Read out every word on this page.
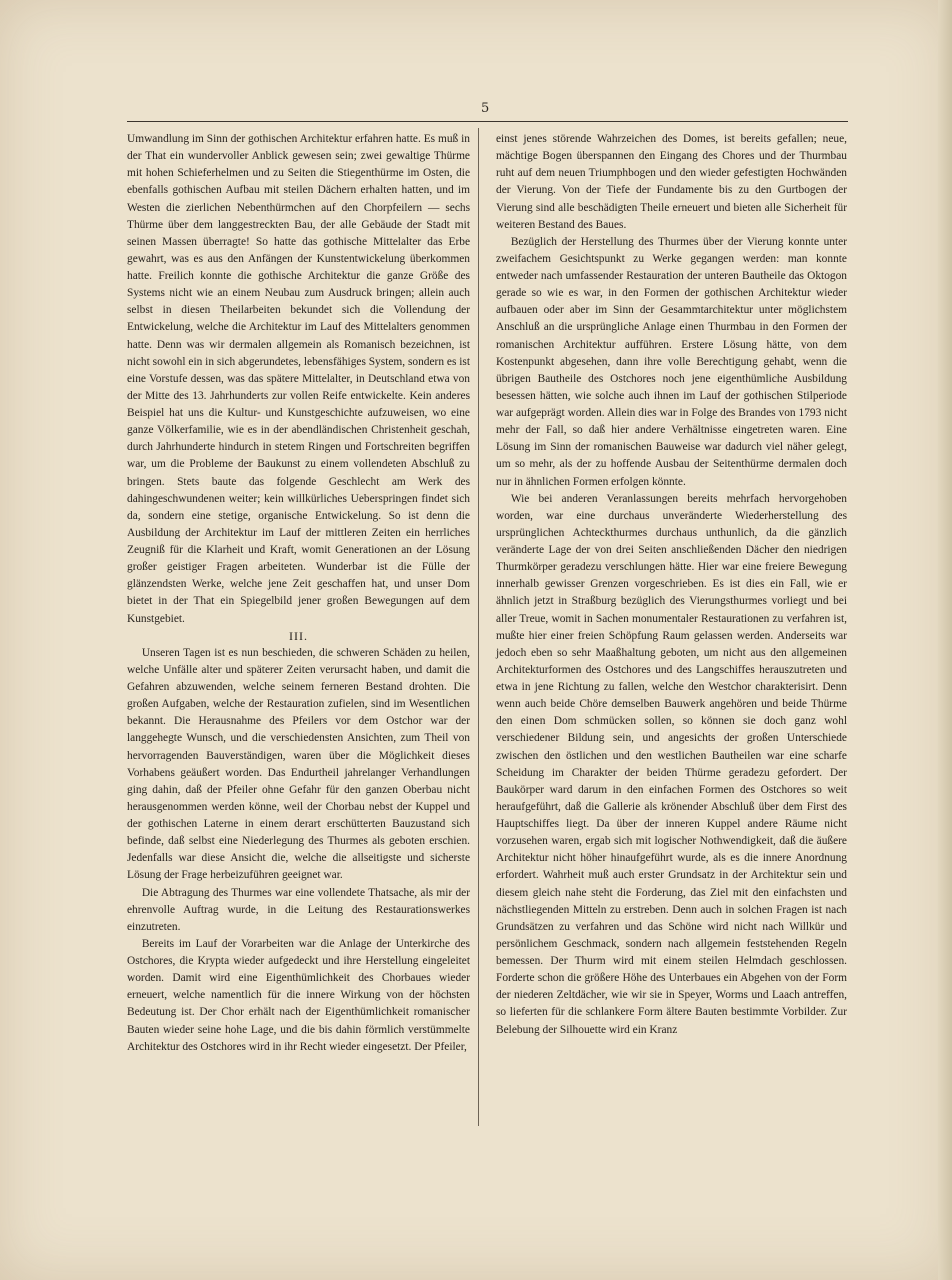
5

Umwandlung im Sinn der gothischen Architektur erfahren hatte. Es muß in der That ein wundervoller Anblick gewesen sein; zwei gewaltige Thürme mit hohen Schieferhelmen und zu Seiten die Stiegenthürme im Osten, die ebenfalls gothischen Aufbau mit steilen Dächern erhalten hatten, und im Westen die zierlichen Nebenthürmchen auf den Chorpfeilern — sechs Thürme über dem langgestreckten Bau, der alle Gebäude der Stadt mit seinen Massen überragte! So hatte das gothische Mittelalter das Erbe gewahrt, was es aus den Anfängen der Kunstentwickelung überkommen hatte. Freilich konnte die gothische Architektur die ganze Größe des Systems nicht wie an einem Neubau zum Ausdruck bringen; allein auch selbst in diesen Theilarbeiten bekundet sich die Vollendung der Entwickelung, welche die Architektur im Lauf des Mittelalters genommen hatte. Denn was wir dermalen allgemein als Romanisch bezeichnen, ist nicht sowohl ein in sich abgerundetes, lebensfähiges System, sondern es ist eine Vorstufe dessen, was das spätere Mittelalter, in Deutschland etwa von der Mitte des 13. Jahrhunderts zur vollen Reife entwickelte. Kein anderes Beispiel hat uns die Kultur- und Kunstgeschichte aufzuweisen, wo eine ganze Völkerfamilie, wie es in der abendländischen Christenheit geschah, durch Jahrhunderte hindurch in stetem Ringen und Fortschreiten begriffen war, um die Probleme der Baukunst zu einem vollendeten Abschluß zu bringen. Stets baute das folgende Geschlecht am Werk des dahingeschwundenen weiter; kein willkürliches Ueberspringen findet sich da, sondern eine stetige, organische Entwickelung. So ist denn die Ausbildung der Architektur im Lauf der mittleren Zeiten ein herrliches Zeugniß für die Klarheit und Kraft, womit Generationen an der Lösung großer geistiger Fragen arbeiteten. Wunderbar ist die Fülle der glänzendsten Werke, welche jene Zeit geschaffen hat, und unser Dom bietet in der That ein Spiegelbild jener großen Bewegungen auf dem Kunstgebiet.

III.

Unseren Tagen ist es nun beschieden, die schweren Schäden zu heilen, welche Unfälle alter und späterer Zeiten verursacht haben, und damit die Gefahren abzuwenden, welche seinem ferneren Bestand drohten. Die großen Aufgaben, welche der Restauration zufielen, sind im Wesentlichen bekannt. Die Herausnahme des Pfeilers vor dem Ostchor war der langgehegte Wunsch, und die verschiedensten Ansichten, zum Theil von hervorragenden Bauverständigen, waren über die Möglichkeit dieses Vorhabens geäußert worden. Das Endurtheil jahrelanger Verhandlungen ging dahin, daß der Pfeiler ohne Gefahr für den ganzen Oberbau nicht herausgenommen werden könne, weil der Chorbau nebst der Kuppel und der gothischen Laterne in einem derart erschütterten Bauzustand sich befinde, daß selbst eine Niederlegung des Thurmes als geboten erschien. Jedenfalls war diese Ansicht die, welche die allseitigste und sicherste Lösung der Frage herbeizuführen geeignet war.

Die Abtragung des Thurmes war eine vollendete Thatsache, als mir der ehrenvolle Auftrag wurde, in die Leitung des Restaurationswerkes einzutreten.

Bereits im Lauf der Vorarbeiten war die Anlage der Unterkirche des Ostchores, die Krypta wieder aufgedeckt und ihre Herstellung eingeleitet worden. Damit wird eine Eigenthümlichkeit des Chorbaues wieder erneuert, welche namentlich für die innere Wirkung von der höchsten Bedeutung ist. Der Chor erhält nach der Eigenthümlichkeit romanischer Bauten wieder seine hohe Lage, und die bis dahin förmlich verstümmelte Architektur des Ostchores wird in ihr Recht wieder eingesetzt. Der Pfeiler,

einst jenes störende Wahrzeichen des Domes, ist bereits gefallen; neue, mächtige Bogen überspannen den Eingang des Chores und der Thurmbau ruht auf dem neuen Triumphbogen und den wieder gefestigten Hochwänden der Vierung. Von der Tiefe der Fundamente bis zu den Gurtbogen der Vierung sind alle beschädigten Theile erneuert und bieten alle Sicherheit für weiteren Bestand des Baues.

Bezüglich der Herstellung des Thurmes über der Vierung konnte unter zweifachem Gesichtspunkt zu Werke gegangen werden: man konnte entweder nach umfassender Restauration der unteren Bautheile das Oktogon gerade so wie es war, in den Formen der gothischen Architektur wieder aufbauen oder aber im Sinn der Gesammtarchitektur unter möglichstem Anschluß an die ursprüngliche Anlage einen Thurmbau in den Formen der romanischen Architektur aufführen. Erstere Lösung hätte, von dem Kostenpunkt abgesehen, dann ihre volle Berechtigung gehabt, wenn die übrigen Bautheile des Ostchores noch jene eigenthümliche Ausbildung besessen hätten, wie solche auch ihnen im Lauf der gothischen Stilperiode war aufgeprägt worden. Allein dies war in Folge des Brandes von 1793 nicht mehr der Fall, so daß hier andere Verhältnisse eingetreten waren. Eine Lösung im Sinn der romanischen Bauweise war dadurch viel näher gelegt, um so mehr, als der zu hoffende Ausbau der Seitenthürme dermalen doch nur in ähnlichen Formen erfolgen könnte.

Wie bei anderen Veranlassungen bereits mehrfach hervorgehoben worden, war eine durchaus unveränderte Wiederherstellung des ursprünglichen Achteckthurmes durchaus unthunlich, da die gänzlich veränderte Lage der von drei Seiten anschließenden Dächer den niedrigen Thurmkörper geradezu verschlungen hätte. Hier war eine freiere Bewegung innerhalb gewisser Grenzen vorgeschrieben. Es ist dies ein Fall, wie er ähnlich jetzt in Straßburg bezüglich des Vierungsthurmes vorliegt und bei aller Treue, womit in Sachen monumentaler Restaurationen zu verfahren ist, mußte hier einer freien Schöpfung Raum gelassen werden. Anderseits war jedoch eben so sehr Maaßhaltung geboten, um nicht aus den allgemeinen Architekturformen des Ostchores und des Langschiffes herauszutreten und etwa in jene Richtung zu fallen, welche den Westchor charakterisirt. Denn wenn auch beide Chöre demselben Bauwerk angehören und beide Thürme den einen Dom schmücken sollen, so können sie doch ganz wohl verschiedener Bildung sein, und angesichts der großen Unterschiede zwischen den östlichen und den westlichen Bautheilen war eine scharfe Scheidung im Charakter der beiden Thürme geradezu gefordert. Der Baukörper ward darum in den einfachen Formen des Ostchores so weit heraufgeführt, daß die Gallerie als krönender Abschluß über dem First des Hauptschiffes liegt. Da über der inneren Kuppel andere Räume nicht vorzusehen waren, ergab sich mit logischer Nothwendigkeit, daß die äußere Architektur nicht höher hinaufgeführt wurde, als es die innere Anordnung erfordert. Wahrheit muß auch erster Grundsatz in der Architektur sein und diesem gleich nahe steht die Forderung, das Ziel mit den einfachsten und nächstliegenden Mitteln zu erstreben. Denn auch in solchen Fragen ist nach Grundsätzen zu verfahren und das Schöne wird nicht nach Willkür und persönlichem Geschmack, sondern nach allgemein feststehenden Regeln bemessen. Der Thurm wird mit einem steilen Helmdach geschlossen. Forderte schon die größere Höhe des Unterbaues ein Abgehen von der Form der niederen Zeltdächer, wie wir sie in Speyer, Worms und Laach antreffen, so lieferten für die schlankere Form ältere Bauten bestimmte Vorbilder. Zur Belebung der Silhouette wird ein Kranz
